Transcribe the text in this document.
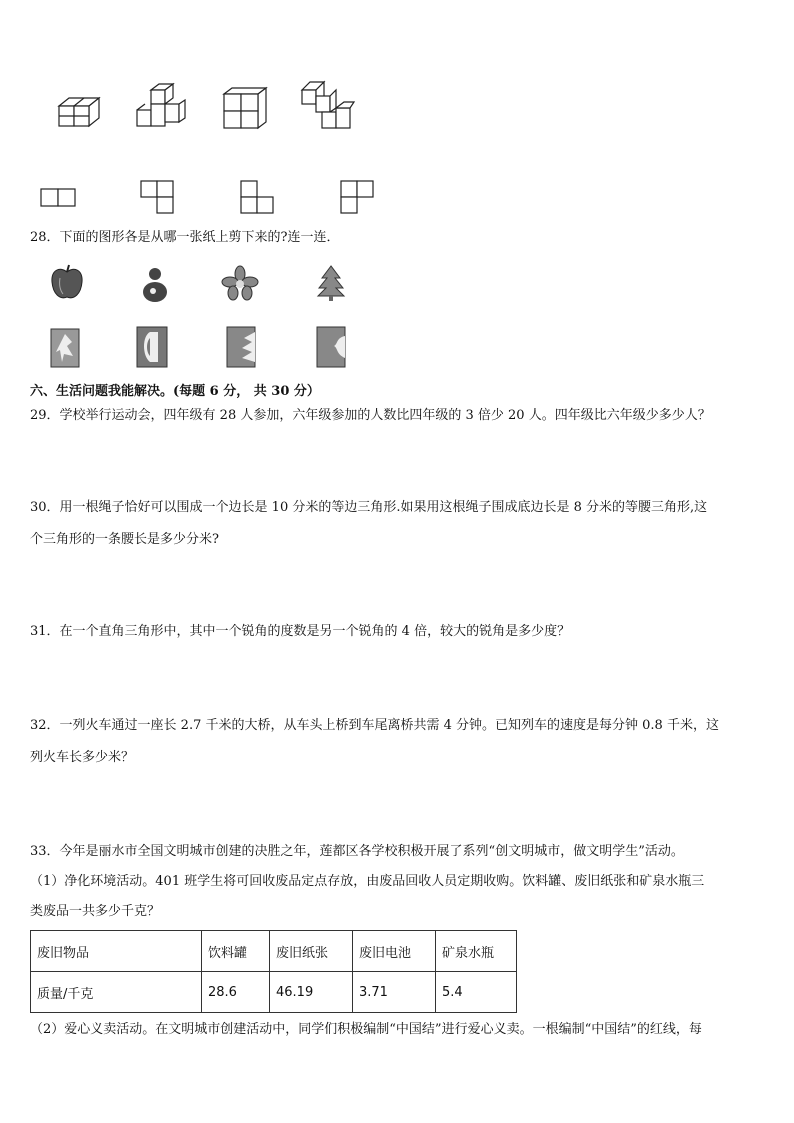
28．下面的图形各是从哪一张纸上剪下来的?连一连．
六、生活问题我能解决。(每题 6 分， 共 30 分）
29．学校举行运动会，四年级有 28 人参加，六年级参加的人数比四年级的 3 倍少 20 人。四年级比六年级少多少人？
30．用一根绳子恰好可以围成一个边长是 10 分米的等边三角形.如果用这根绳子围成底边长是 8 分米的等腰三角形,这
个三角形的一条腰长是多少分米?
31．在一个直角三角形中，其中一个锐角的度数是另一个锐角的 4 倍，较大的锐角是多少度？
32．一列火车通过一座长 2.7 千米的大桥，从车头上桥到车尾离桥共需 4 分钟。已知列车的速度是每分钟 0.8 千米，这
列火车长多少米？
33．今年是丽水市全国文明城市创建的决胜之年，莲都区各学校积极开展了系列“创文明城市，做文明学生”活动。
（1）净化环境活动。401 班学生将可回收废品定点存放，由废品回收人员定期收购。饮料罐、废旧纸张和矿泉水瓶三
类废品一共多少千克？
废旧物品	饮料罐	废旧纸张	废旧电池	矿泉水瓶
质量/千克	28.6	46.19	3.71	5.4
（2）爱心义卖活动。在文明城市创建活动中，同学们积极编制“中国结”进行爱心义卖。一根编制“中国结”的红线，每
